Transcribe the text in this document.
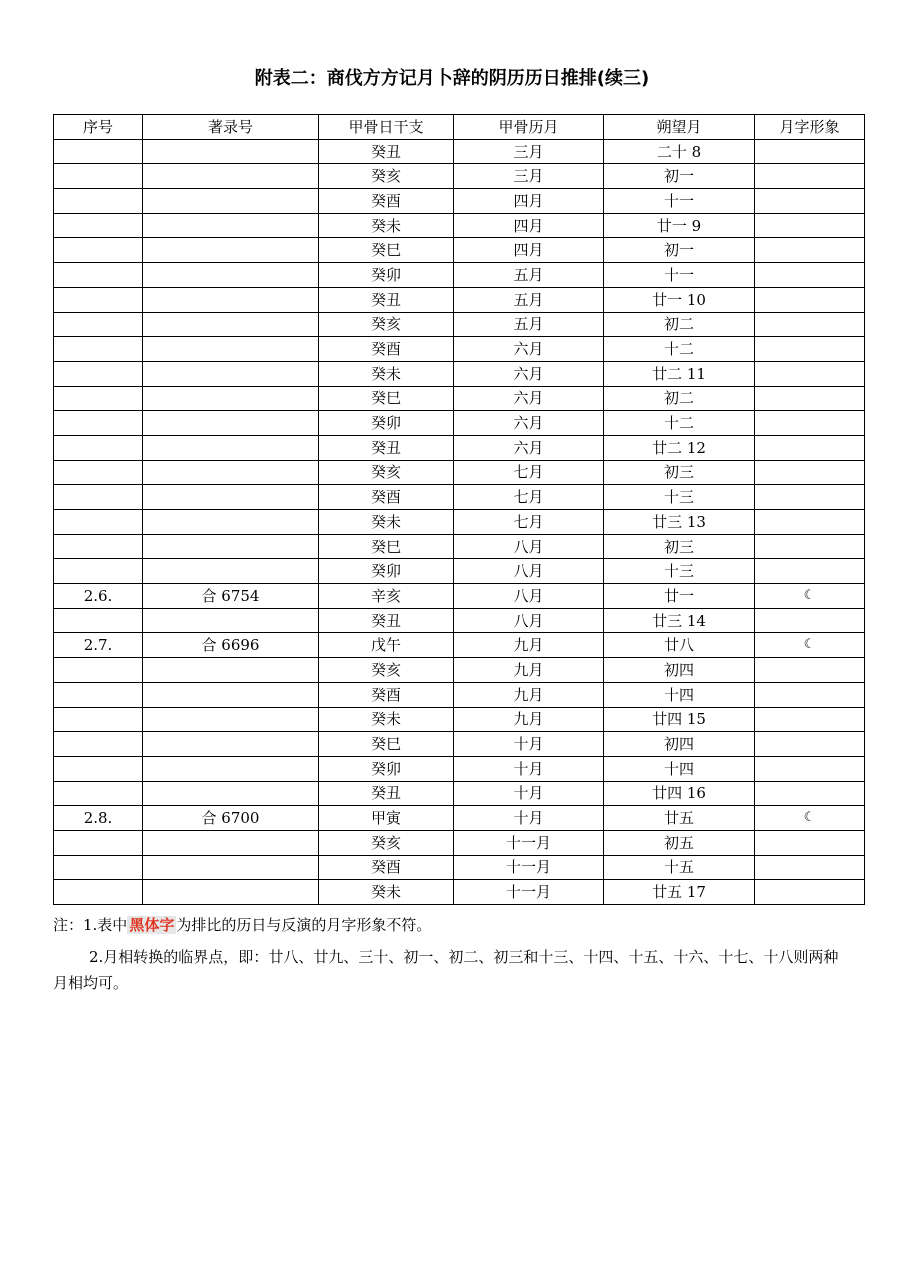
附表二：商伐方方记月卜辞的阴历历日推排(续三)
序号	著录号	甲骨日干支	甲骨历月	朔望月	月字形象
		癸丑	三月	二十 8	
		癸亥	三月	初一	
		癸酉	四月	十一	
		癸未	四月	廿一 9	
		癸巳	四月	初一	
		癸卯	五月	十一	
		癸丑	五月	廿一 10	
		癸亥	五月	初二	
		癸酉	六月	十二	
		癸未	六月	廿二 11	
		癸巳	六月	初二	
		癸卯	六月	十二	
		癸丑	六月	廿二 12	
		癸亥	七月	初三	
		癸酉	七月	十三	
		癸未	七月	廿三 13	
		癸巳	八月	初三	
		癸卯	八月	十三	
2.6.	合 6754	辛亥	八月	廿一	☾
		癸丑	八月	廿三 14	
2.7.	合 6696	戊午	九月	廿八	☾
		癸亥	九月	初四	
		癸酉	九月	十四	
		癸未	九月	廿四 15	
		癸巳	十月	初四	
		癸卯	十月	十四	
		癸丑	十月	廿四 16	
2.8.	合 6700	甲寅	十月	廿五	☾
		癸亥	十一月	初五	
		癸酉	十一月	十五	
		癸未	十一月	廿五 17	

注：1.表中 黑体字 为排比的历日与反演的月字形象不符。

2.月相转换的临界点，即：廿八、廿九、三十、初一、初二、初三和十三、十四、十五、十六、十七、十八则两种月相均可。
